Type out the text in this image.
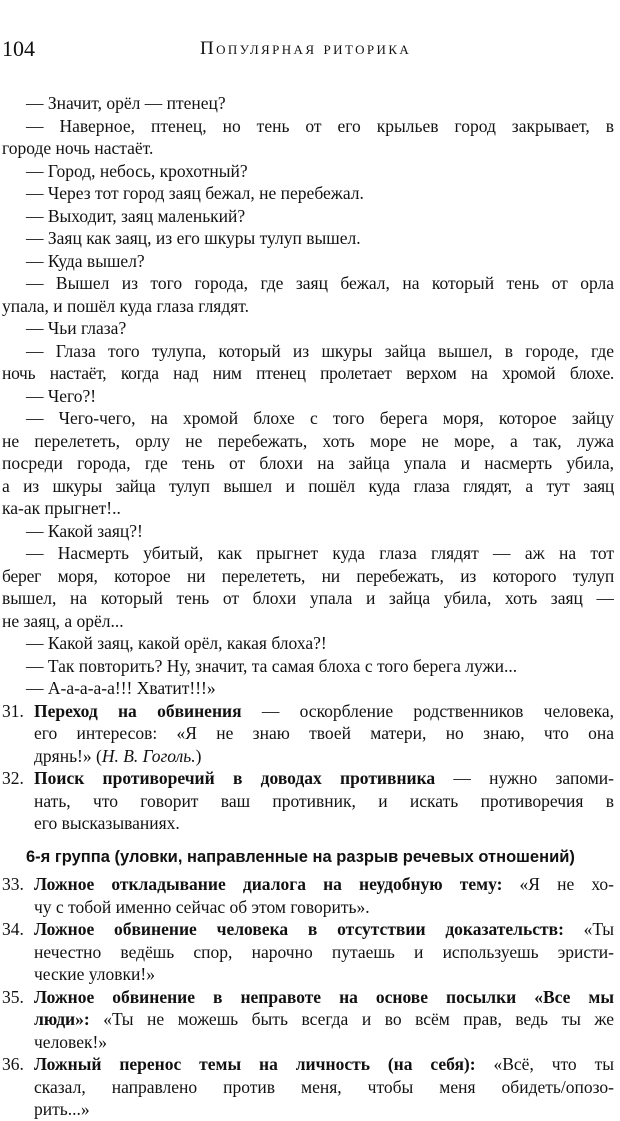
104	Популярная риторика
— Значит, орёл — птенец?
— Наверное, птенец, но тень от его крыльев город закрывает, в
городе ночь настаёт.
— Город, небось, крохотный?
— Через тот город заяц бежал, не перебежал.
— Выходит, заяц маленький?
— Заяц как заяц, из его шкуры тулуп вышел.
— Куда вышел?
— Вышел из того города, где заяц бежал, на который тень от орла
упала, и пошёл куда глаза глядят.
— Чьи глаза?
— Глаза того тулупа, который из шкуры зайца вышел, в городе, где
ночь настаёт, когда над ним птенец пролетает верхом на хромой блохе.
— Чего?!
— Чего-чего, на хромой блохе с того берега моря, которое зайцу
не перелететь, орлу не перебежать, хоть море не море, а так, лужа
посреди города, где тень от блохи на зайца упала и насмерть убила,
а из шкуры зайца тулуп вышел и пошёл куда глаза глядят, а тут заяц
ка-ак прыгнет!..
— Какой заяц?!
— Насмерть убитый, как прыгнет куда глаза глядят — аж на тот
берег моря, которое ни перелететь, ни перебежать, из которого тулуп
вышел, на который тень от блохи упала и зайца убила, хоть заяц —
не заяц, а орёл...
— Какой заяц, какой орёл, какая блоха?!
— Так повторить? Ну, значит, та самая блоха с того берега лужи...
— А-а-а-а-а!!! Хватит!!!»
31. Переход на обвинения — оскорбление родственников человека,
его интересов: «Я не знаю твоей матери, но знаю, что она
дрянь!» (Н. В. Гоголь.)
32. Поиск противоречий в доводах противника — нужно запоми-
нать, что говорит ваш противник, и искать противоречия в
его высказываниях.
6-я группа (уловки, направленные на разрыв речевых отношений)
33. Ложное откладывание диалога на неудобную тему: «Я не хо-
чу с тобой именно сейчас об этом говорить».
34. Ложное обвинение человека в отсутствии доказательств: «Ты
нечестно ведёшь спор, нарочно путаешь и используешь эристи-
ческие уловки!»
35. Ложное обвинение в неправоте на основе посылки «Все мы
люди»: «Ты не можешь быть всегда и во всём прав, ведь ты же
человек!»
36. Ложный перенос темы на личность (на себя): «Всё, что ты
сказал, направлено против меня, чтобы меня обидеть/опозо-
рить...»
